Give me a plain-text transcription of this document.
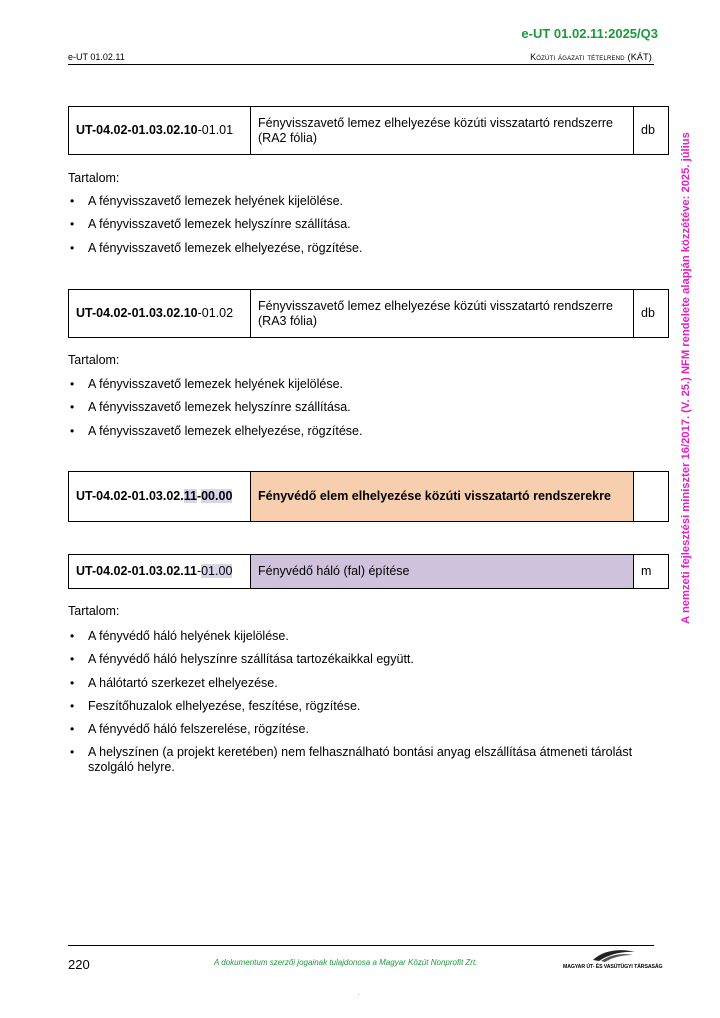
e-UT 01.02.11:2025/Q3
e-UT 01.02.11	Közúti ágazati tételrend (KÁT)
A nemzeti fejlesztési miniszter 16/2017. (V. 25.) NFM rendelete alapján közzétéve: 2025. július
UT-04.02-01.03.02.10-01.01	Fényvisszavető lemez elhelyezése közúti visszatartó rendszerre (RA2 fólia)	db
Tartalom:
• A fényvisszavető lemezek helyének kijelölése.
• A fényvisszavető lemezek helyszínre szállítása.
• A fényvisszavető lemezek elhelyezése, rögzítése.
UT-04.02-01.03.02.10-01.02	Fényvisszavető lemez elhelyezése közúti visszatartó rendszerre (RA3 fólia)	db
Tartalom:
• A fényvisszavető lemezek helyének kijelölése.
• A fényvisszavető lemezek helyszínre szállítása.
• A fényvisszavető lemezek elhelyezése, rögzítése.
UT-04.02-01.03.02.11-00.00	Fényvédő elem elhelyezése közúti visszatartó rendszerekre	
UT-04.02-01.03.02.11-01.00	Fényvédő háló (fal) építése	m
Tartalom:
• A fényvédő háló helyének kijelölése.
• A fényvédő háló helyszínre szállítása tartozékaikkal együtt.
• A hálótartó szerkezet elhelyezése.
• Feszítőhuzalok elhelyezése, feszítése, rögzítése.
• A fényvédő háló felszerelése, rögzítése.
• A helyszínen (a projekt keretében) nem felhasználható bontási anyag elszállítása átmeneti tárolást szolgáló helyre.
220	A dokumentum szerzői jogainak tulajdonosa a Magyar Közút Nonprofit Zrt.	MAGYAR ÚT- ÉS VASÚTÜGYI TÁRSASÁG
·
